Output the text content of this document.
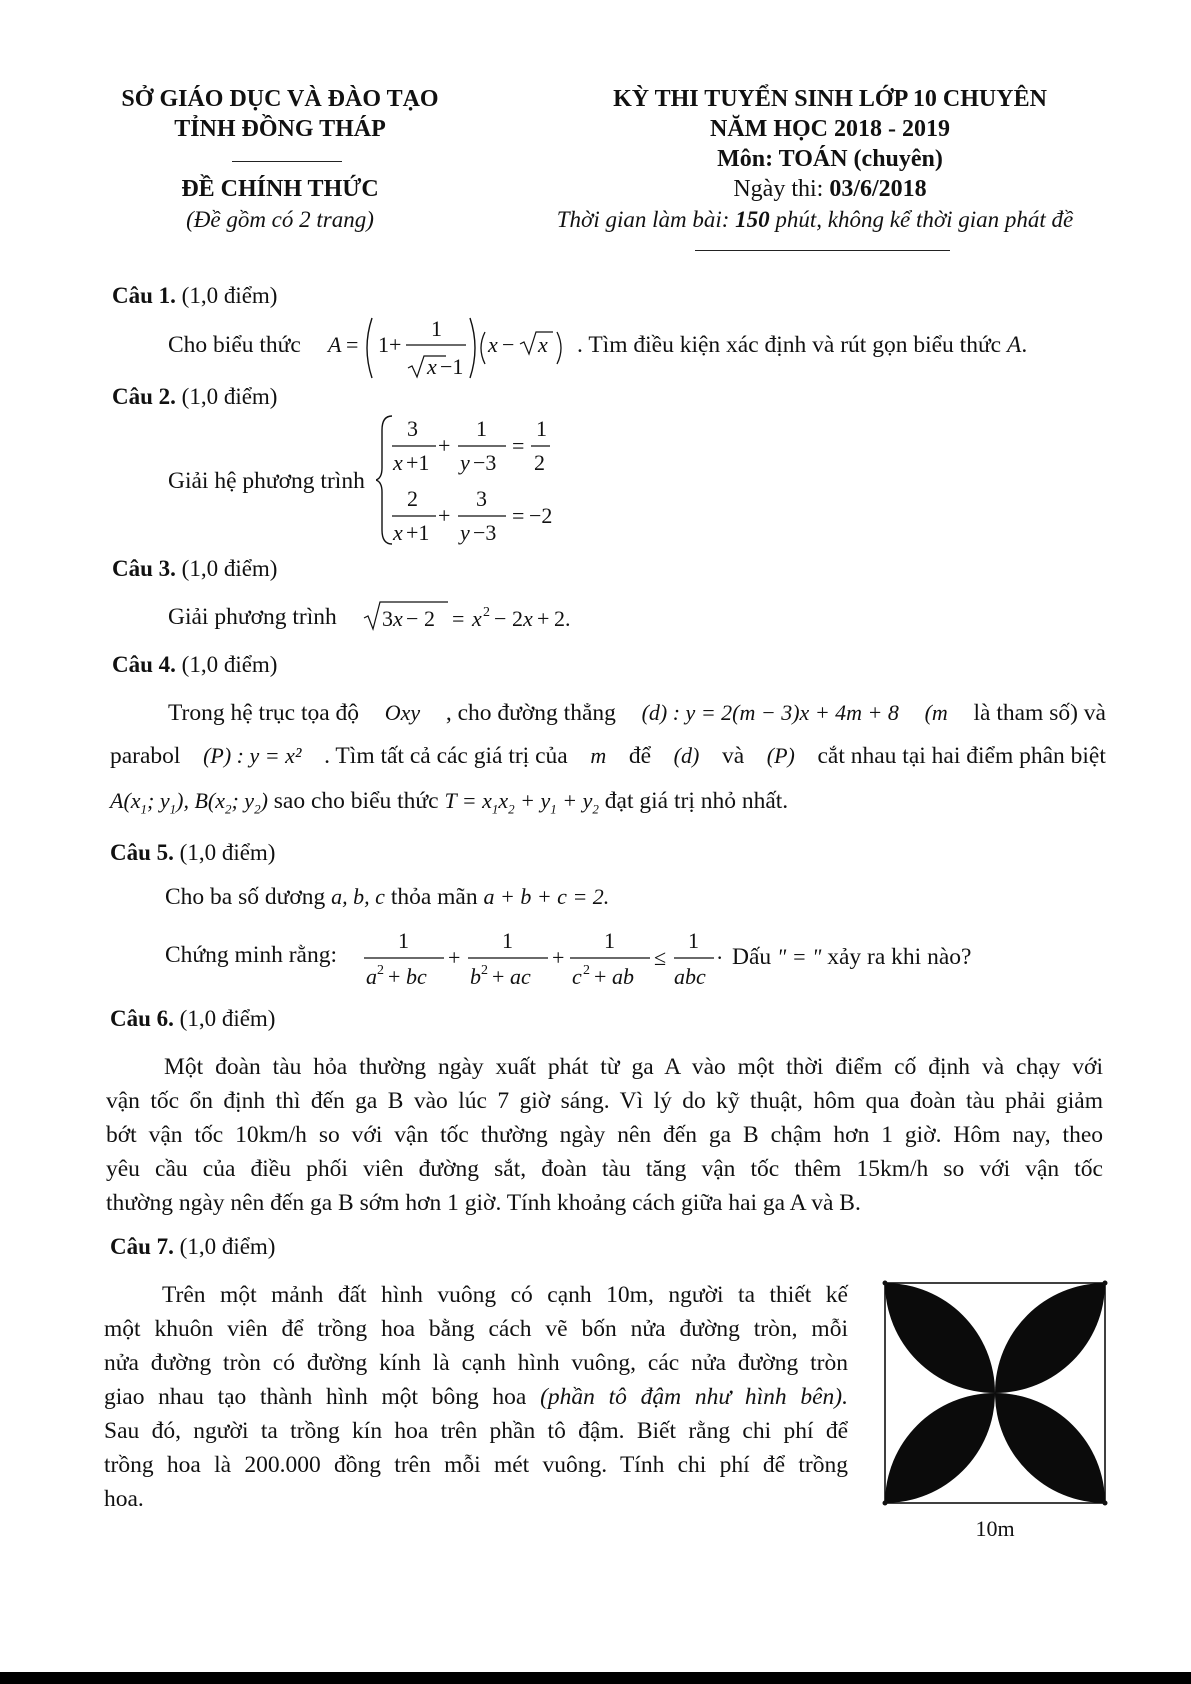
SỞ GIÁO DỤC VÀ ĐÀO TẠO
TỈNH ĐỒNG THÁP
ĐỀ CHÍNH THỨC
(Đề gồm có 2 trang)
KỲ THI TUYỂN SINH LỚP 10 CHUYÊN
NĂM HỌC 2018 - 2019
Môn: TOÁN (chuyên)
Ngày thi: 03/6/2018
Thời gian làm bài: 150 phút, không kể thời gian phát đề
Câu 1. (1,0 điểm)
Cho biểu thức A = 1 +
1
x −1
x − x . Tìm điều kiện xác định và rút gọn biểu thức A.
Câu 2. (1,0 điểm)
Giải hệ phương trình
3
x +1
+
1
y −3
=
1
2
2
x +1
+
3
y −3
= −2
Câu 3. (1,0 điểm)
Giải phương trình 3 x − 2 = x 2 − 2 x + 2.
Câu 4. (1,0 điểm)
Trong hệ trục tọa độ Oxy , cho đường thẳng (d) : y = 2(m − 3)x + 4m + 8 (m là tham số) và
parabol (P) : y = x² . Tìm tất cả các giá trị của m để (d) và (P) cắt nhau tại hai điểm phân biệt
$A(x_1$; $y_1$), $B(x_2$; $y_2$) sao cho biểu thức $T = x_1x_2 + y_1 + y_2$ đạt giá trị nhỏ nhất.
Câu 5. (1,0 điểm)
Cho ba số dương a, b, c thỏa mãn a + b + c = 2.
Chứng minh rằng:
1
a 2 + bc
+
1
b 2 + ac
+
1
c 2 + ab
≤
1
abc
· Dấu " = " xảy ra khi nào?
Câu 6. (1,0 điểm)
Một đoàn tàu hỏa thường ngày xuất phát từ ga A vào một thời điểm cố định và chạy với
vận tốc ổn định thì đến ga B vào lúc 7 giờ sáng. Vì lý do kỹ thuật, hôm qua đoàn tàu phải giảm
bớt vận tốc 10km/h so với vận tốc thường ngày nên đến ga B chậm hơn 1 giờ. Hôm nay, theo
yêu cầu của điều phối viên đường sắt, đoàn tàu tăng vận tốc thêm 15km/h so với vận tốc
thường ngày nên đến ga B sớm hơn 1 giờ. Tính khoảng cách giữa hai ga A và B.
Câu 7. (1,0 điểm)
Trên một mảnh đất hình vuông có cạnh 10m, người ta thiết kế
một khuôn viên để trồng hoa bằng cách vẽ bốn nửa đường tròn, mỗi
nửa đường tròn có đường kính là cạnh hình vuông, các nửa đường tròn
giao nhau tạo thành hình một bông hoa (phần tô đậm như hình bên).
Sau đó, người ta trồng kín hoa trên phần tô đậm. Biết rằng chi phí để
trồng hoa là 200.000 đồng trên mỗi mét vuông. Tính chi phí để trồng
hoa.
10m
